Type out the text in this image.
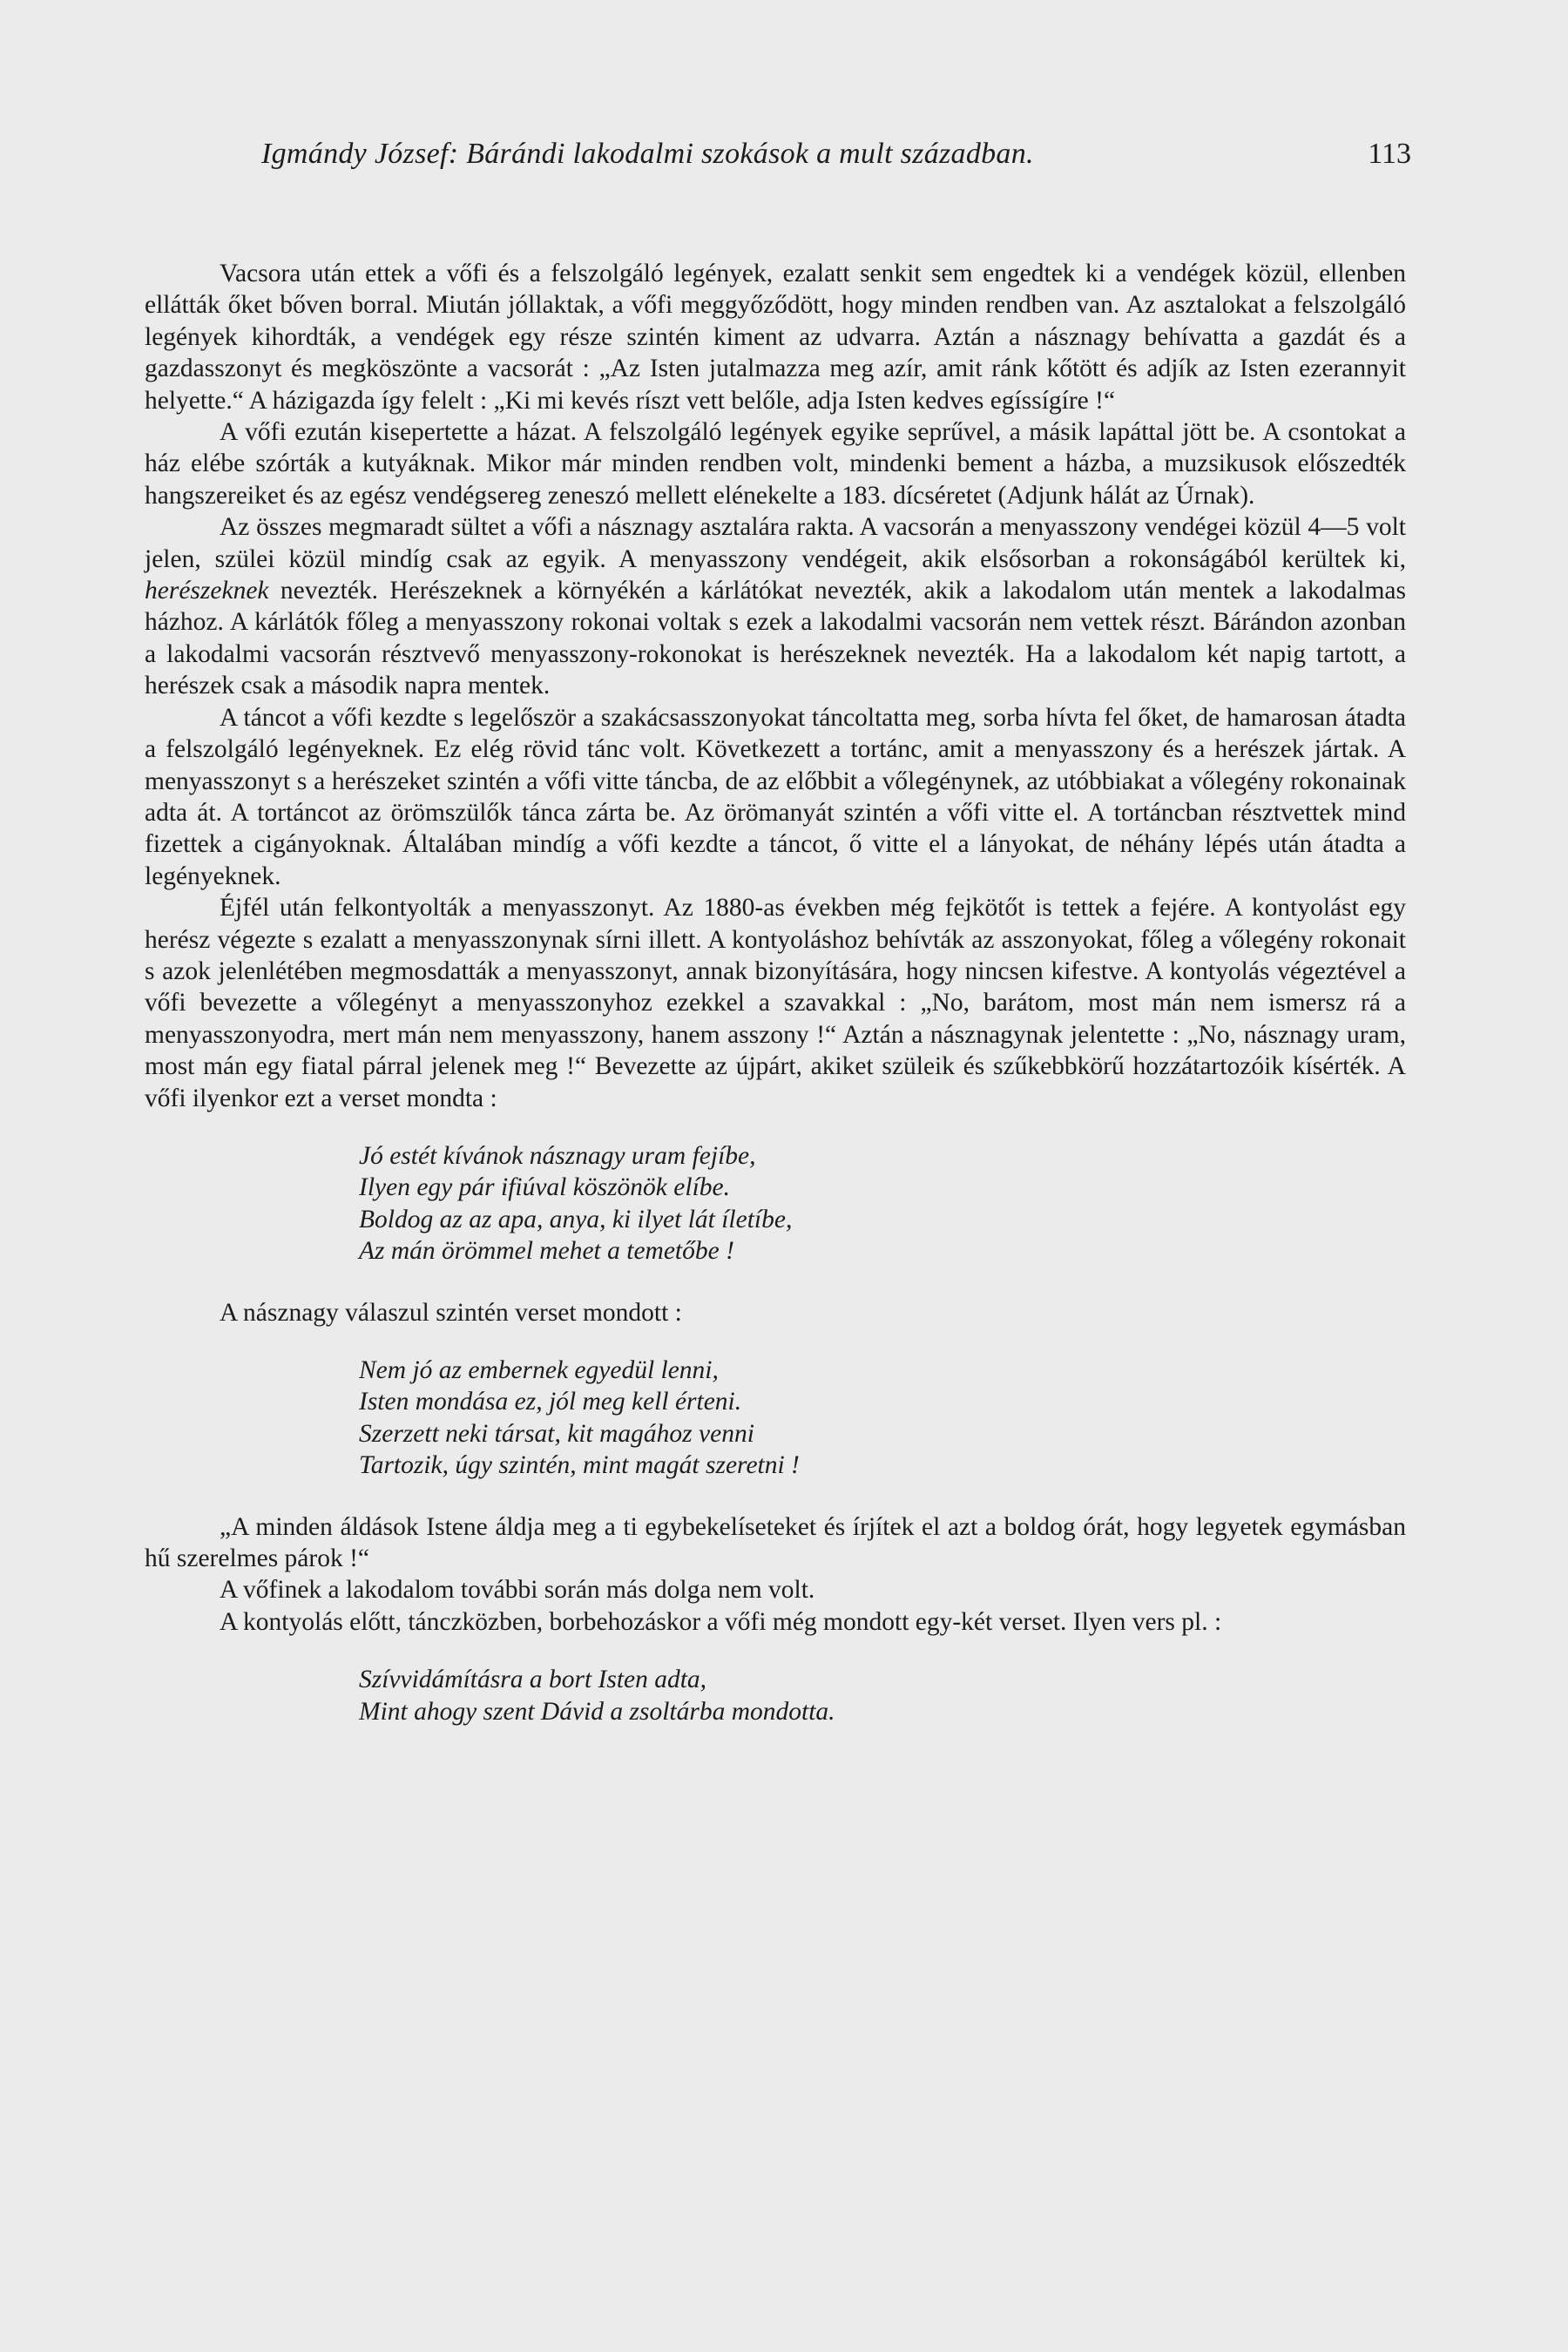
Igmándy József: Bárándi lakodalmi szokások a mult században.	113

Vacsora után ettek a vőfi és a felszolgáló legények, ezalatt senkit sem engedtek ki a vendégek közül, ellenben ellátták őket bőven borral. Miután jóllaktak, a vőfi meggyőződött, hogy minden rendben van. Az asztalokat a felszolgáló legények kihordták, a vendégek egy része szintén kiment az udvarra. Aztán a násznagy behívatta a gazdát és a gazdasszonyt és megköszönte a vacsorát : „Az Isten jutalmazza meg azír, amit ránk kőtött és adjík az Isten ezerannyit helyette.“ A házigazda így felelt : „Ki mi kevés ríszt vett belőle, adja Isten kedves egíssígíre !“

A vőfi ezután kisepertette a házat. A felszolgáló legények egyike seprűvel, a másik lapáttal jött be. A csontokat a ház elébe szórták a kutyáknak. Mikor már minden rendben volt, mindenki bement a házba, a muzsikusok előszedték hangszereiket és az egész vendégsereg zeneszó mellett elénekelte a 183. dícséretet (Adjunk hálát az Úrnak).

Az összes megmaradt sültet a vőfi a násznagy asztalára rakta. A vacsorán a menyasszony vendégei közül 4—5 volt jelen, szülei közül mindíg csak az egyik. A menyasszony vendégeit, akik elsősorban a rokonságából kerültek ki, herészeknek nevezték. Herészeknek a környékén a kárlátókat nevezték, akik a lakodalom után mentek a lakodalmas házhoz. A kárlátók főleg a menyasszony rokonai voltak s ezek a lakodalmi vacsorán nem vettek részt. Bárándon azonban a lakodalmi vacsorán résztvevő menyasszony-rokonokat is herészeknek nevezték. Ha a lakodalom két napig tartott, a herészek csak a második napra mentek.

A táncot a vőfi kezdte s legelőször a szakácsasszonyokat táncoltatta meg, sorba hívta fel őket, de hamarosan átadta a felszolgáló legényeknek. Ez elég rövid tánc volt. Következett a tortánc, amit a menyasszony és a herészek jártak. A menyasszonyt s a herészeket szintén a vőfi vitte táncba, de az előbbit a vőlegénynek, az utóbbiakat a vőlegény rokonainak adta át. A tortáncot az örömszülők tánca zárta be. Az örömanyát szintén a vőfi vitte el. A tortáncban résztvettek mind fizettek a cigányoknak. Általában mindíg a vőfi kezdte a táncot, ő vitte el a lányokat, de néhány lépés után átadta a legényeknek.

Éjfél után felkontyolták a menyasszonyt. Az 1880-as években még fejkötőt is tettek a fejére. A kontyolást egy herész végezte s ezalatt a menyasszonynak sírni illett. A kontyoláshoz behívták az asszonyokat, főleg a vőlegény rokonait s azok jelenlétében megmosdatták a menyasszonyt, annak bizonyítására, hogy nincsen kifestve. A kontyolás végeztével a vőfi bevezette a vőlegényt a menyasszonyhoz ezekkel a szavakkal : „No, barátom, most mán nem ismersz rá a menyasszonyodra, mert mán nem menyasszony, hanem asszony !“ Aztán a násznagynak jelentette : „No, násznagy uram, most mán egy fiatal párral jelenek meg !“ Bevezette az újpárt, akiket szüleik és szűkebbkörű hozzátartozóik kísérték. A vőfi ilyenkor ezt a verset mondta :

Jó estét kívánok násznagy uram fejíbe,
Ilyen egy pár ifiúval köszönök elíbe.
Boldog az az apa, anya, ki ilyet lát íletíbe,
Az mán örömmel mehet a temetőbe !

A násznagy válaszul szintén verset mondott :

Nem jó az embernek egyedül lenni,
Isten mondása ez, jól meg kell érteni.
Szerzett neki társat, kit magához venni
Tartozik, úgy szintén, mint magát szeretni !

„A minden áldások Istene áldja meg a ti egybekelíseteket és írjítek el azt a boldog órát, hogy legyetek egymásban hű szerelmes párok !“

A vőfinek a lakodalom további során más dolga nem volt.

A kontyolás előtt, tánczközben, borbehozáskor a vőfi még mondott egy-két verset. Ilyen vers pl. :

Szívvidámításra a bort Isten adta,
Mint ahogy szent Dávid a zsoltárba mondotta.
